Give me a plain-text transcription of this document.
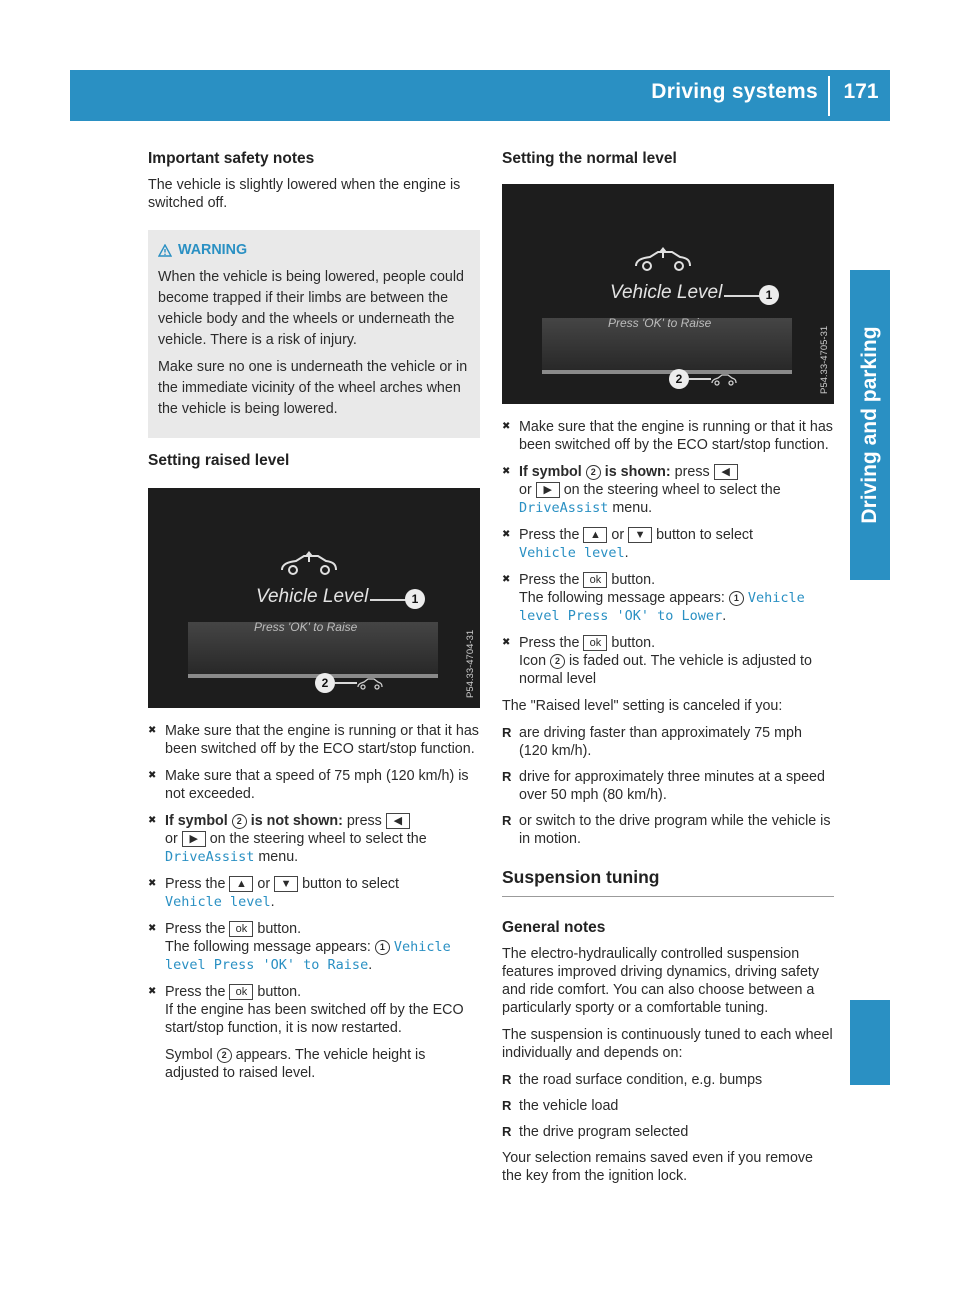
Driving systems	171
Driving and parking
Important safety notes

The vehicle is slightly lowered when the engine is switched off.

WARNING

When the vehicle is being lowered, people could become trapped if their limbs are between the vehicle body and the wheels or underneath the vehicle. There is a risk of injury.

Make sure no one is underneath the vehicle or in the immediate vicinity of the wheel arches when the vehicle is being lowered.

Setting raised level
Vehicle Level	1
Press 'OK' to Raise
2	P54.33-4704-31
✖ Make sure that the engine is running or that it has been switched off by the ECO start/stop function.
✖ Make sure that a speed of 75 mph (120 km/h) is not exceeded.
✖ If symbol 2 is not shown: press ◀
or ▶ on the steering wheel to select the
DriveAssist menu.
✖ Press the ▲ or ▼ button to select
Vehicle level.
✖ Press the ok button.
The following message appears: 1 Vehicle level Press 'OK' to Raise.
✖ Press the ok button.
If the engine has been switched off by the ECO start/stop function, it is now restarted.
Symbol 2 appears. The vehicle height is adjusted to raised level.
Setting the normal level
Vehicle Level	1
Press 'OK' to Raise
2	P54.33-4705-31
✖ Make sure that the engine is running or that it has been switched off by the ECO start/stop function.
✖ If symbol 2 is shown: press ◀
or ▶ on the steering wheel to select the
DriveAssist menu.
✖ Press the ▲ or ▼ button to select
Vehicle level.
✖ Press the ok button.
The following message appears: 1 Vehicle level Press 'OK' to Lower.
✖ Press the ok button.
Icon 2 is faded out. The vehicle is adjusted to normal level

The "Raised level" setting is canceled if you:

R are driving faster than approximately 75 mph (120 km/h).
R drive for approximately three minutes at a speed over 50 mph (80 km/h).
R or switch to the drive program while the vehicle is in motion.
Suspension tuning
General notes

The electro-hydraulically controlled suspension features improved driving dynamics, driving safety and ride comfort. You can also choose between a particularly sporty or a comfortable tuning.

The suspension is continuously tuned to each wheel individually and depends on:

R the road surface condition, e.g. bumps
R the vehicle load
R the drive program selected

Your selection remains saved even if you remove the key from the ignition lock.
